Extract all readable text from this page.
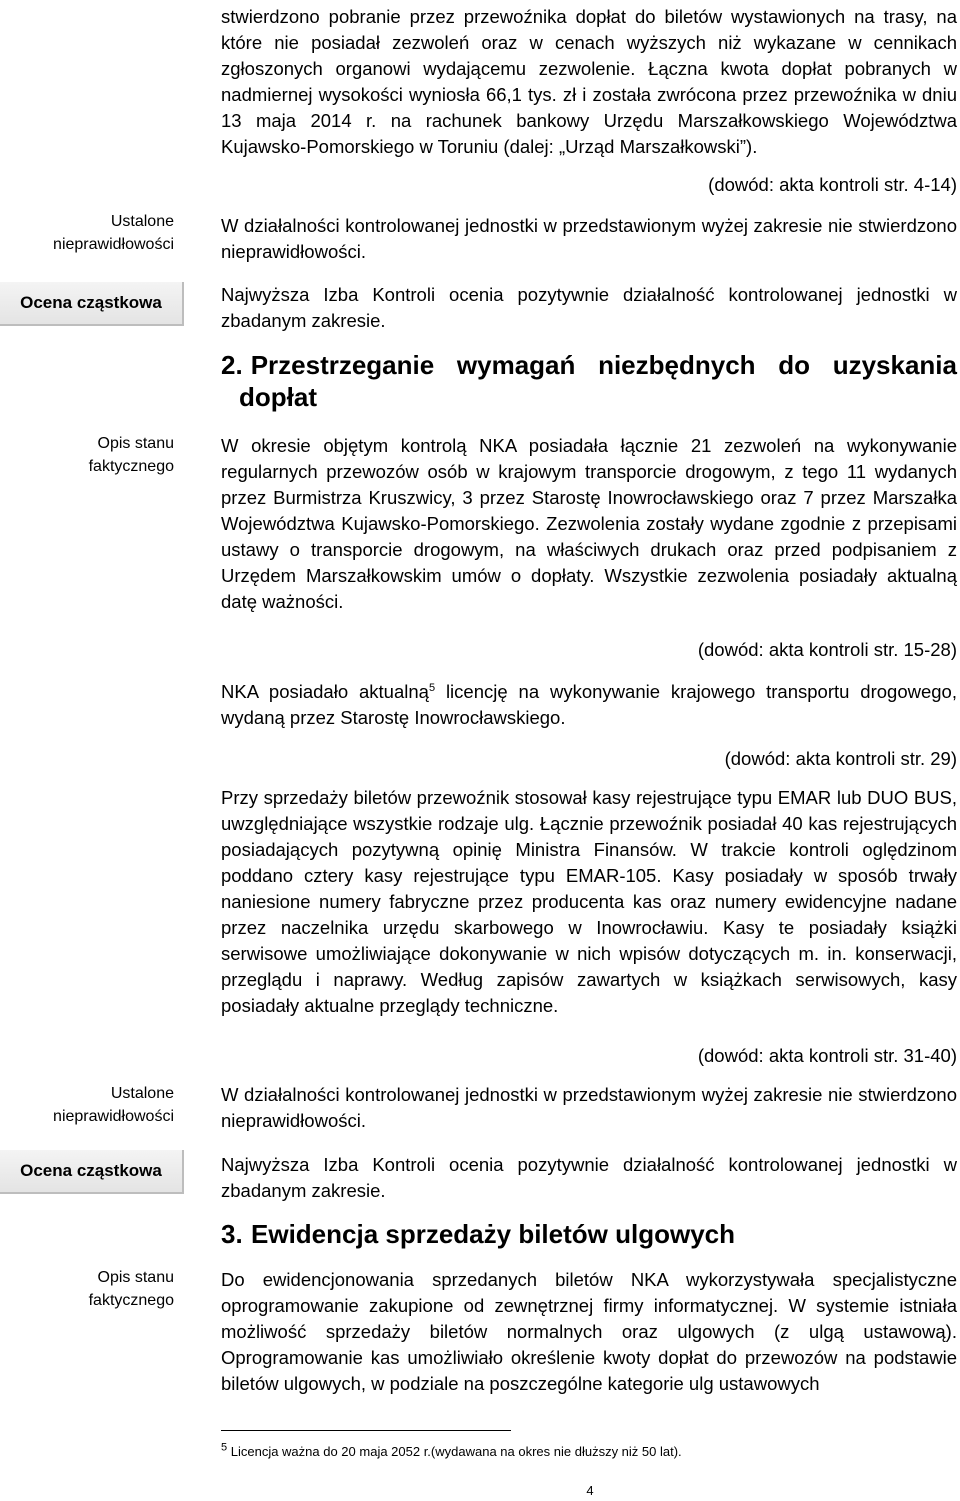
Ustalone
nieprawidłowości
Ocena cząstkowa
Opis stanu
faktycznego
Ustalone
nieprawidłowości
Ocena cząstkowa
Opis stanu
faktycznego
stwierdzono pobranie przez przewoźnika dopłat do biletów wystawionych na trasy, na które nie posiadał zezwoleń oraz w cenach wyższych niż wykazane w cennikach zgłoszonych organowi wydającemu zezwolenie. Łączna kwota dopłat pobranych w nadmiernej wysokości wyniosła 66,1 tys. zł i została zwrócona przez przewoźnika w dniu 13 maja 2014 r. na rachunek bankowy Urzędu Marszałkowskiego Województwa Kujawsko-Pomorskiego w Toruniu (dalej: „Urząd Marszałkowski”).
(dowód: akta kontroli str. 4-14)
W działalności kontrolowanej jednostki w przedstawionym wyżej zakresie nie stwierdzono nieprawidłowości.
Najwyższa Izba Kontroli ocenia pozytywnie działalność kontrolowanej jednostki w zbadanym zakresie.
2. Przestrzeganie wymagań niezbędnych do uzyskania
dopłat
W okresie objętym kontrolą NKA posiadała łącznie 21 zezwoleń na wykonywanie regularnych przewozów osób w krajowym transporcie drogowym, z tego 11 wydanych przez Burmistrza Kruszwicy, 3 przez Starostę Inowrocławskiego oraz 7 przez Marszałka Województwa Kujawsko-Pomorskiego. Zezwolenia zostały wydane zgodnie z przepisami ustawy o transporcie drogowym, na właściwych drukach oraz przed podpisaniem z Urzędem Marszałkowskim umów o dopłaty. Wszystkie zezwolenia posiadały aktualną datę ważności.
(dowód: akta kontroli str. 15-28)
NKA posiadało aktualną$^5$ licencję na wykonywanie krajowego transportu drogowego, wydaną przez Starostę Inowrocławskiego.
(dowód: akta kontroli str. 29)
Przy sprzedaży biletów przewoźnik stosował kasy rejestrujące typu EMAR lub DUO BUS, uwzględniające wszystkie rodzaje ulg. Łącznie przewoźnik posiadał 40 kas rejestrujących posiadających pozytywną opinię Ministra Finansów. W trakcie kontroli oględzinom poddano cztery kasy rejestrujące typu EMAR-105. Kasy posiadały w sposób trwały naniesione numery fabryczne przez producenta kas oraz numery ewidencyjne nadane przez naczelnika urzędu skarbowego w Inowrocławiu. Kasy te posiadały książki serwisowe umożliwiające dokonywanie w nich wpisów dotyczących m. in. konserwacji, przeglądu i naprawy. Według zapisów zawartych w książkach serwisowych, kasy posiadały aktualne przeglądy techniczne.
(dowód: akta kontroli str. 31-40)
W działalności kontrolowanej jednostki w przedstawionym wyżej zakresie nie stwierdzono nieprawidłowości.
Najwyższa Izba Kontroli ocenia pozytywnie działalność kontrolowanej jednostki w zbadanym zakresie.
3. Ewidencja sprzedaży biletów ulgowych
Do ewidencjonowania sprzedanych biletów NKA wykorzystywała specjalistyczne oprogramowanie zakupione od zewnętrznej firmy informatycznej. W systemie istniała możliwość sprzedaży biletów normalnych oraz ulgowych (z ulgą ustawową). Oprogramowanie kas umożliwiało określenie kwoty dopłat do przewozów na podstawie biletów ulgowych, w podziale na poszczególne kategorie ulg ustawowych
$^5$ Licencja ważna do 20 maja 2052 r.(wydawana na okres nie dłuższy niż 50 lat).
4
